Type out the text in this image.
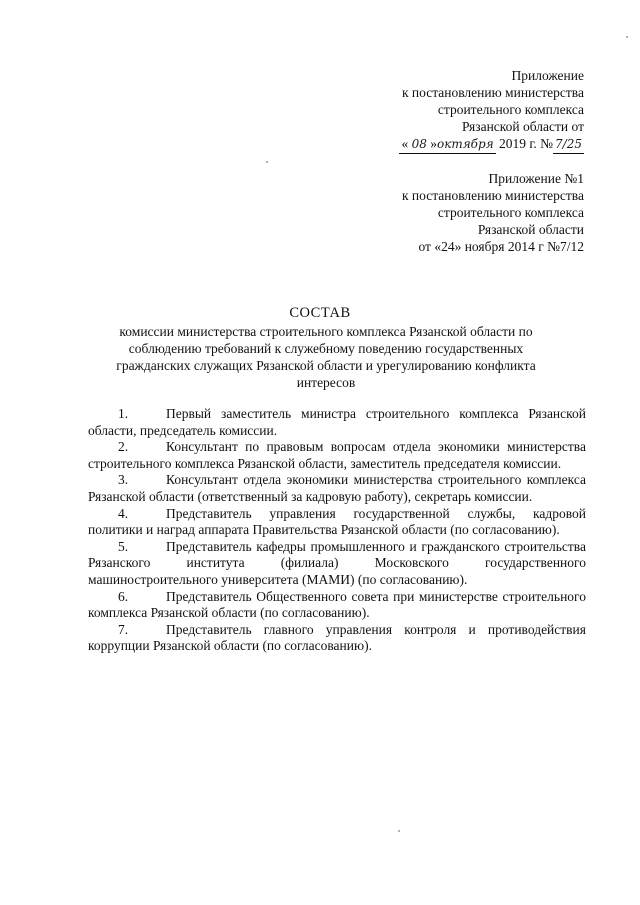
Приложение
к постановлению министерства
строительного комплекса
Рязанской области от
« 08 »октября 2019 г. № 7/25
Приложение №1
к постановлению министерства
строительного комплекса
Рязанской области
от «24» ноября 2014 г №7/12
СОСТАВ
комиссии министерства строительного комплекса Рязанской области по
соблюдению требований к служебному поведению государственных
гражданских служащих Рязанской области и урегулированию конфликта
интересов

1.	Первый заместитель министра строительного комплекса Рязанской области, председатель комиссии.

2.	Консультант по правовым вопросам отдела экономики министерства строительного комплекса Рязанской области, заместитель председателя комиссии.

3.	Консультант отдела экономики министерства строительного комплекса Рязанской области (ответственный за кадровую работу), секретарь комиссии.

4.	Представитель управления государственной службы, кадровой политики и наград аппарата Правительства Рязанской области (по согласованию).

5.	Представитель кафедры промышленного и гражданского строительства Рязанского института (филиала) Московского государственного машиностроительного университета (МАМИ) (по согласованию).

6.	Представитель Общественного совета при министерстве строительного комплекса Рязанской области (по согласованию).

7.	Представитель главного управления контроля и противодействия коррупции Рязанской области (по согласованию).
